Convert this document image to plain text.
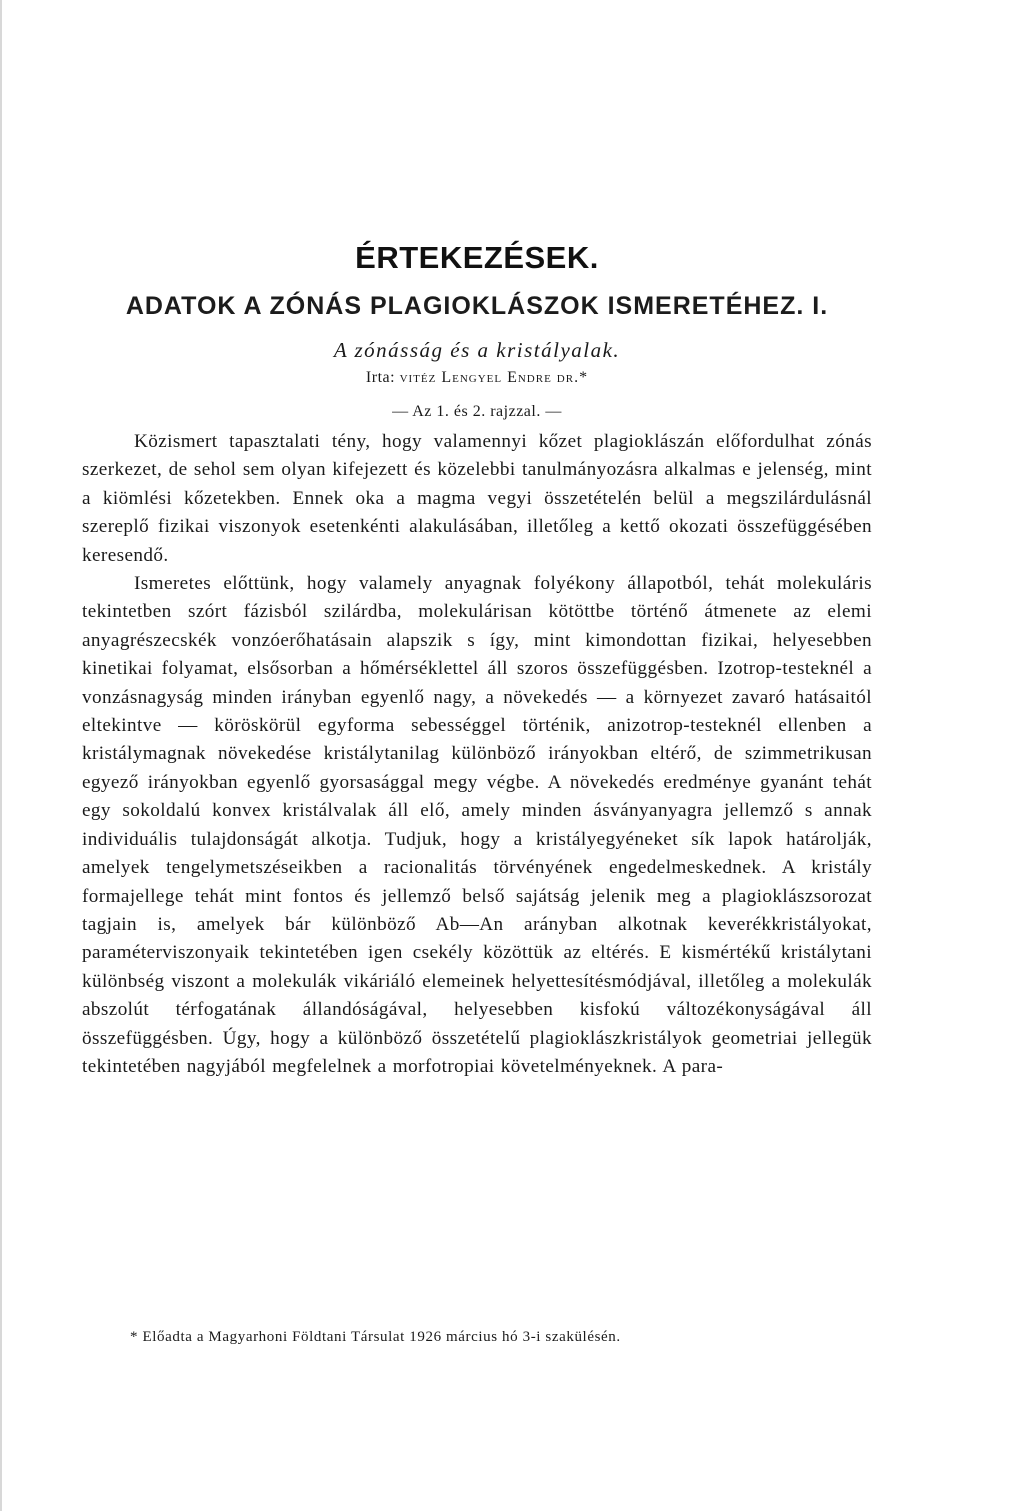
ÉRTEKEZÉSEK.
ADATOK A ZÓNÁS PLAGIOKLÁSZOK ISMERETÉHEZ. I.
A zónásság és a kristályalak.
Irta: vitéz Lengyel Endre dr.*
— Az 1. és 2. rajzzal. —

Közismert tapasztalati tény, hogy valamennyi kőzet plagioklászán előfordulhat zónás szerkezet, de sehol sem olyan kifejezett és közelebbi tanulmányozásra alkalmas e jelenség, mint a kiömlési kőzetekben. Ennek oka a magma vegyi összetételén belül a megszilárdulásnál szereplő fizikai viszonyok esetenkénti alakulásában, illetőleg a kettő okozati összefüggésében keresendő.

Ismeretes előttünk, hogy valamely anyagnak folyékony állapotból, tehát molekuláris tekintetben szórt fázisból szilárdba, molekulárisan kötöttbe történő átmenete az elemi anyagrészecskék vonzóerőhatásain alapszik s így, mint kimondottan fizikai, helyesebben kinetikai folyamat, elsősorban a hőmérséklettel áll szoros összefüggésben. Izotrop-testeknél a vonzásnagyság minden irányban egyenlő nagy, a növekedés — a környezet zavaró hatásaitól eltekintve — köröskörül egyforma sebességgel történik, anizotrop-testeknél ellenben a kristálymagnak növekedése kristálytanilag különböző irányokban eltérő, de szimmetrikusan egyező irányokban egyenlő gyorsasággal megy végbe. A növekedés eredménye gyanánt tehát egy sokoldalú konvex kristálvalak áll elő, amely minden ásványanyagra jellemző s annak individuális tulajdonságát alkotja. Tudjuk, hogy a kristályegyéneket sík lapok határolják, amelyek tengelymetszéseikben a racionalitás törvényének engedelmeskednek. A kristály formajellege tehát mint fontos és jellemző belső sajátság jelenik meg a plagioklászsorozat tagjain is, amelyek bár különböző Ab—An arányban alkotnak keverékkristályokat, paraméterviszonyaik tekintetében igen csekély közöttük az eltérés. E kismértékű kristálytani különbség viszont a molekulák vikáriáló elemeinek helyettesítésmódjával, illetőleg a molekulák abszolút térfogatának állandóságával, helyesebben kisfokú változékonyságával áll összefüggésben. Úgy, hogy a különböző összetételű plagioklászkristályok geometriai jellegük tekintetében nagyjából megfelelnek a morfotropiai követelményeknek. A para-

* Előadta a Magyarhoni Földtani Társulat 1926 március hó 3-i szakülésén.
